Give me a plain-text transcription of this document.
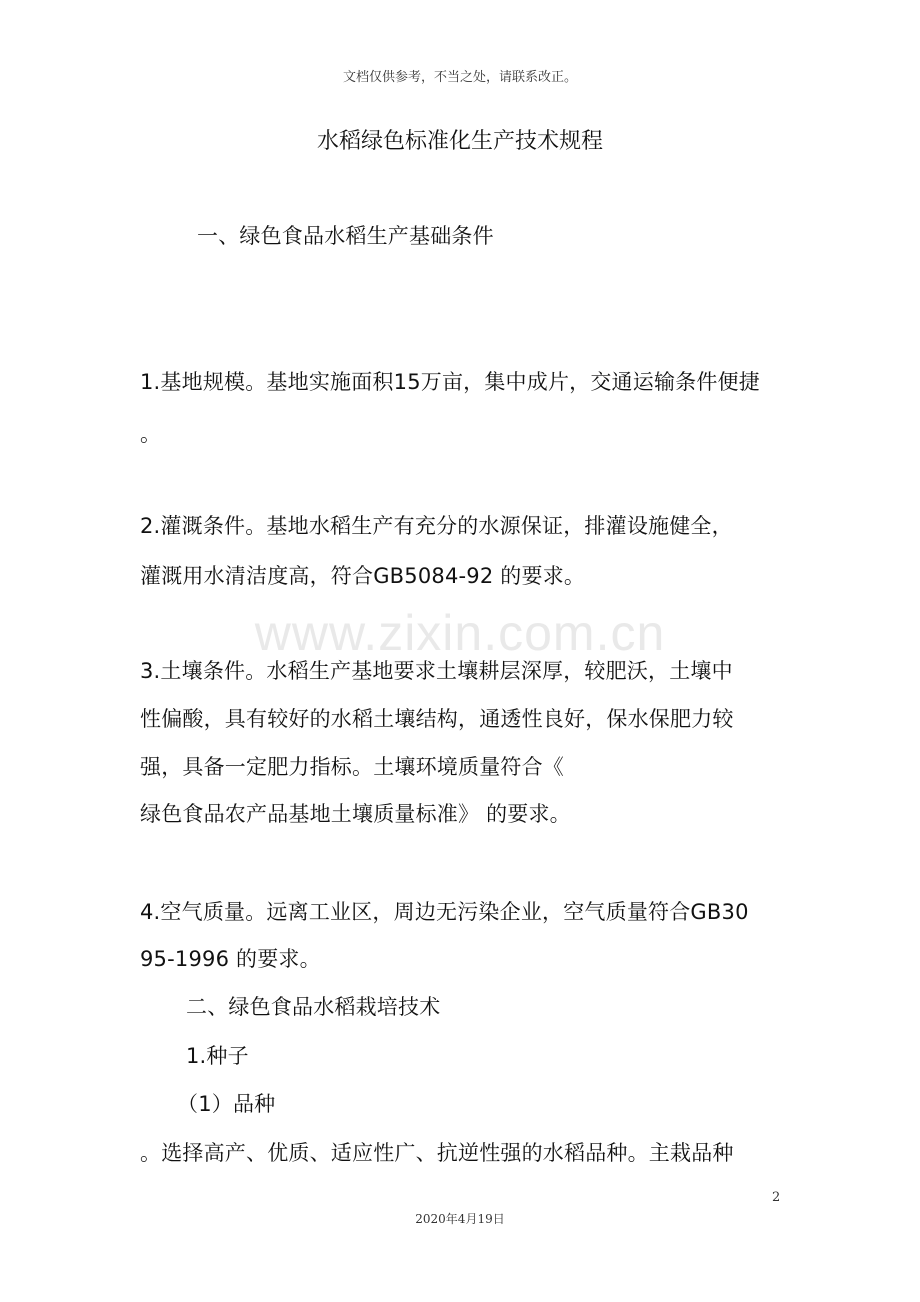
文档仅供参考，不当之处，请联系改正。
水稻绿色标准化生产技术规程
一、绿色食品水稻生产基础条件
1.基地规模。基地实施面积15万亩，集中成片，交通运输条件便捷
。
2.灌溉条件。基地水稻生产有充分的水源保证，排灌设施健全，
灌溉用水清洁度高，符合GB5084-92 的要求。
www.zixin.com.cn
3.土壤条件。水稻生产基地要求土壤耕层深厚，较肥沃，土壤中
性偏酸，具有较好的水稻土壤结构，通透性良好，保水保肥力较
强，具备一定肥力指标。土壤环境质量符合《
绿色食品农产品基地土壤质量标准》 的要求。
4.空气质量。远离工业区，周边无污染企业，空气质量符合GB30
95-1996 的要求。
二、绿色食品水稻栽培技术
1.种子
（1）品种
。选择高产、优质、适应性广、抗逆性强的水稻品种。主栽品种
2
2020年4月19日
